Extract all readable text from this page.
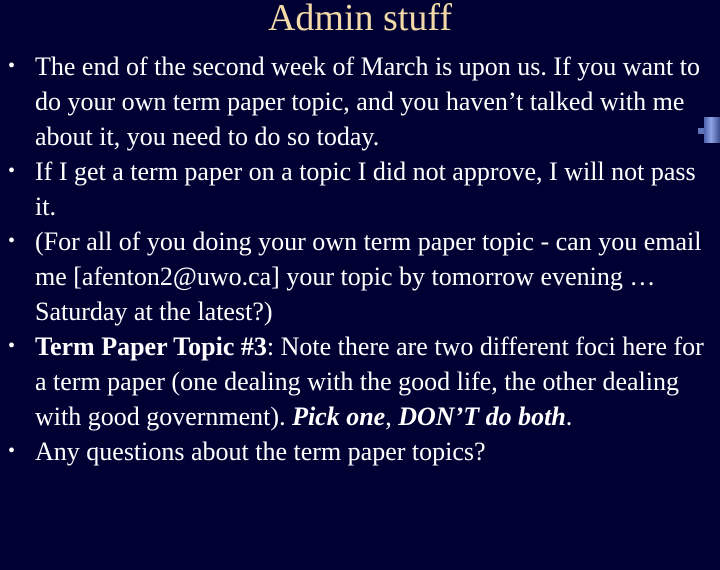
Admin stuff
• The end of the second week of March is upon us. If you want to do your own term paper topic, and you haven’t talked with me about it, you need to do so today.
• If I get a term paper on a topic I did not approve, I will not pass it.
• (For all of you doing your own term paper topic - can you email me [afenton2@uwo.ca] your topic by tomorrow evening … Saturday at the latest?)
• Term Paper Topic #3: Note there are two different foci here for a term paper (one dealing with the good life, the other dealing with good government). Pick one, DON’T do both.
• Any questions about the term paper topics?
